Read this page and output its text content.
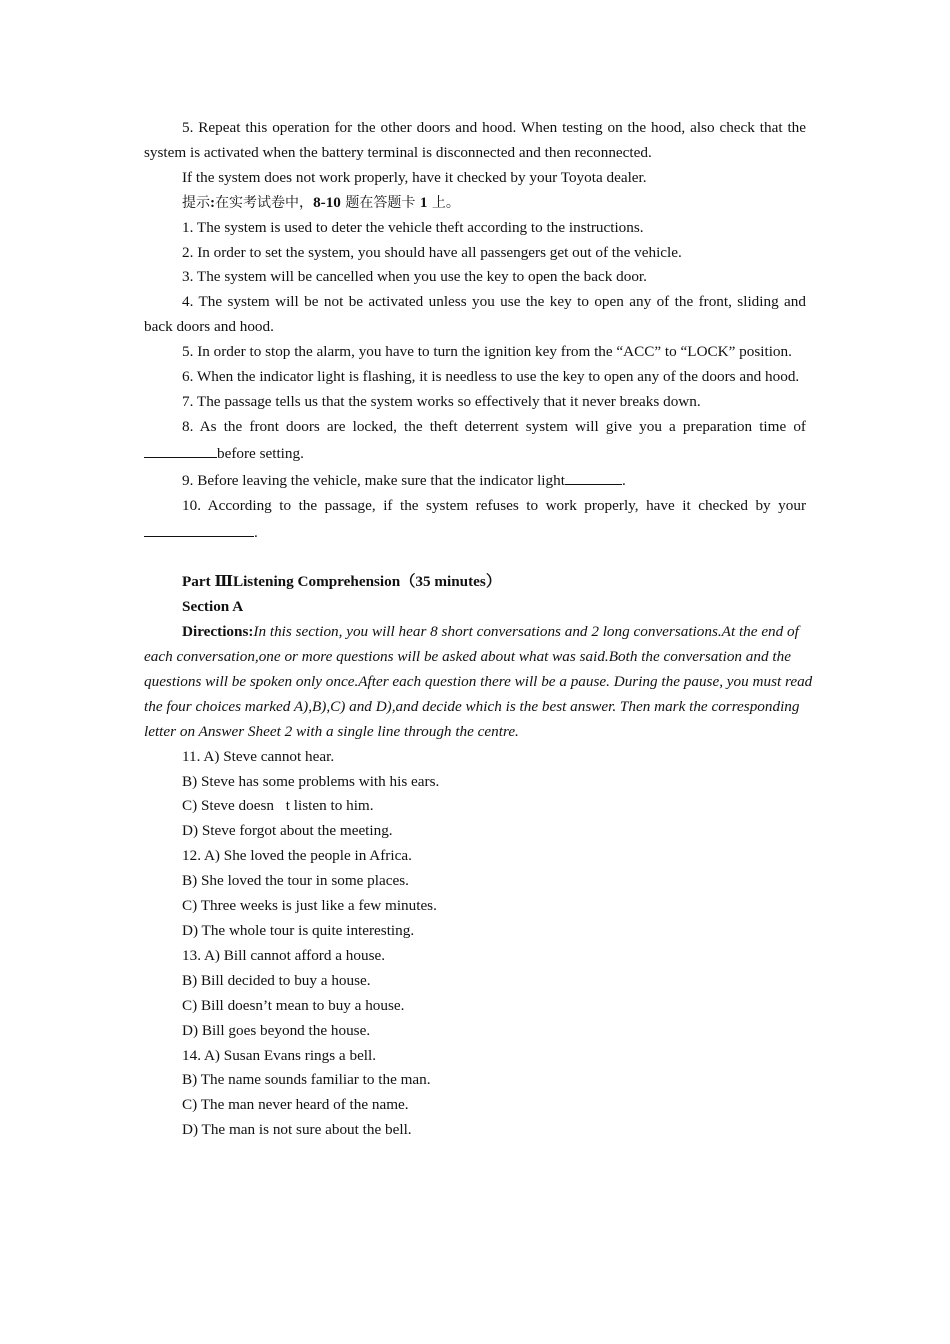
5. Repeat this operation for the other doors and hood. When testing on the hood, also check that the system is activated when the battery terminal is disconnected and then reconnected.

If the system does not work properly, have it checked by your Toyota dealer.

提示:在实考试卷中，8-10 题在答题卡 1 上。

1. The system is used to deter the vehicle theft according to the instructions.

2. In order to set the system, you should have all passengers get out of the vehicle.

3. The system will be cancelled when you use the key to open the back door.

4. The system will be not be activated unless you use the key to open any of the front, sliding and back doors and hood.

5. In order to stop the alarm, you have to turn the ignition key from the “ACC” to “LOCK” position.

6. When the indicator light is flashing, it is needless to use the key to open any of the doors and hood.

7. The passage tells us that the system works so effectively that it never breaks down.

8. As the front doors are locked, the theft deterrent system will give you a preparation time ofbefore setting.

9. Before leaving the vehicle, make sure that the indicator light	.

10. According to the passage, if the system refuses to work properly, have it checked by your.

Part ⅢListening Comprehension（35 minutes）

Section A

Directions:In this section, you will hear 8 short conversations and 2 long conversations.At the end of each conversation,one or more questions will be asked about what was said.Both the conversation and the questions will be spoken only once.After each question there will be a pause. During the pause, you must read the four choices marked A),B),C) and D),and decide which is the best answer. Then mark the corresponding letter on Answer Sheet 2 with a single line through the centre.

11. A) Steve cannot hear.

B) Steve has some problems with his ears.

C) Steve doesn t listen to him.

D) Steve forgot about the meeting.

12. A) She loved the people in Africa.

B) She loved the tour in some places.

C) Three weeks is just like a few minutes.

D) The whole tour is quite interesting.

13. A) Bill cannot afford a house.

B) Bill decided to buy a house.

C) Bill doesn’t mean to buy a house.

D) Bill goes beyond the house.

14. A) Susan Evans rings a bell.

B) The name sounds familiar to the man.

C) The man never heard of the name.

D) The man is not sure about the bell.
